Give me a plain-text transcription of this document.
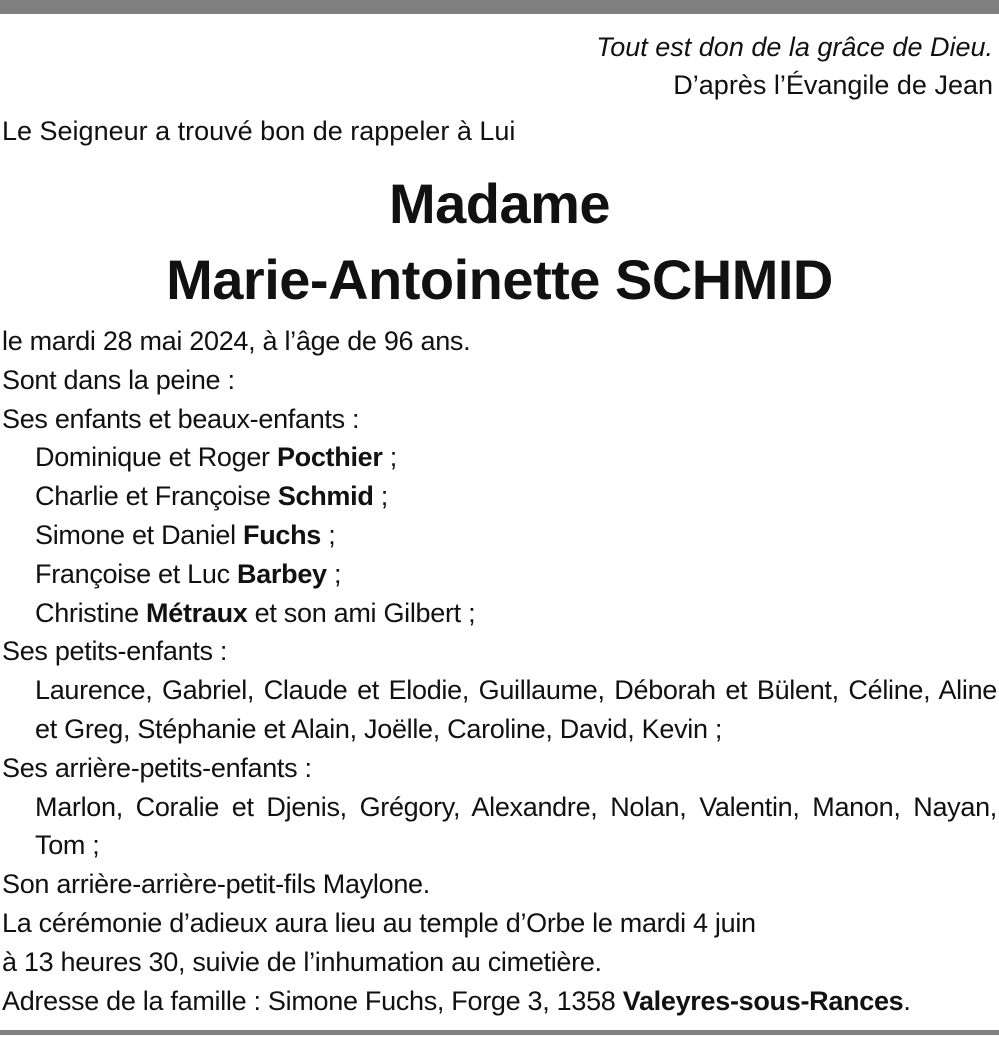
Tout est don de la grâce de Dieu.
D’après l’Évangile de Jean
Le Seigneur a trouvé bon de rappeler à Lui
Madame
Marie-Antoinette SCHMID
le mardi 28 mai 2024, à l’âge de 96 ans.
Sont dans la peine :
Ses enfants et beaux-enfants :
Dominique et Roger Pocthier ;
Charlie et Françoise Schmid ;
Simone et Daniel Fuchs ;
Françoise et Luc Barbey ;
Christine Métraux et son ami Gilbert ;
Ses petits-enfants :
Laurence, Gabriel, Claude et Elodie, Guillaume, Déborah et Bülent, Céline, Aline et Greg, Stéphanie et Alain, Joëlle, Caroline, David, Kevin ;
Ses arrière-petits-enfants :
Marlon, Coralie et Djenis, Grégory, Alexandre, Nolan, Valentin, Manon, Nayan, Tom ;
Son arrière-arrière-petit-fils Maylone.
La cérémonie d’adieux aura lieu au temple d’Orbe le mardi 4 juin
à 13 heures 30, suivie de l’inhumation au cimetière.
Adresse de la famille : Simone Fuchs, Forge 3, 1358 Valeyres-sous-Rances.
